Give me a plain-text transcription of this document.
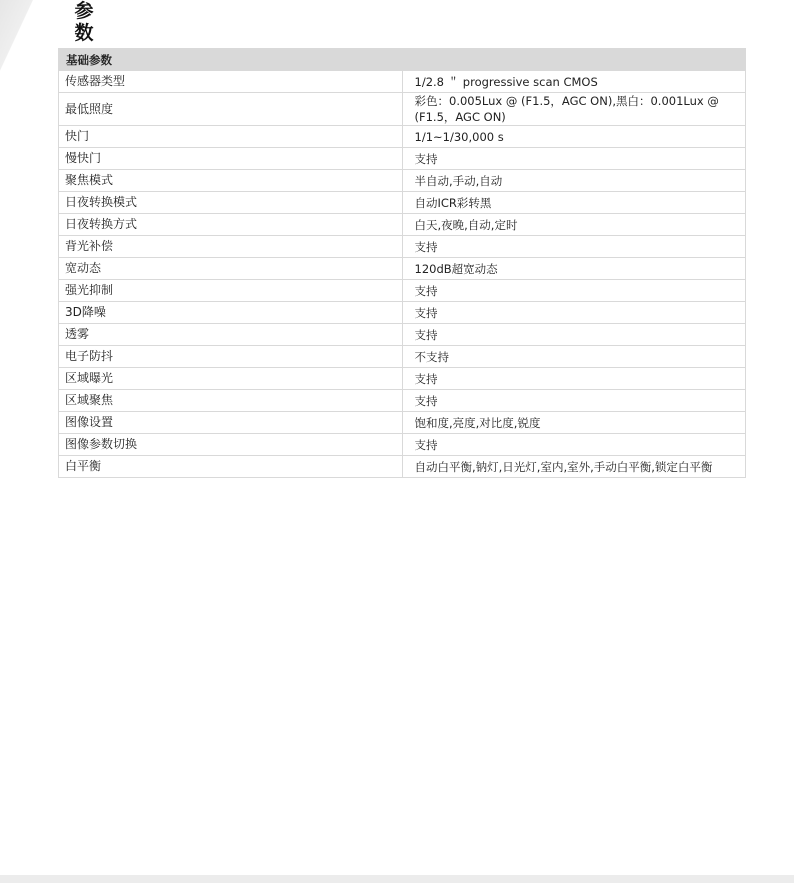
参数
基础参数	
传感器类型	1/2.8 ＂ progressive scan CMOS
最低照度	彩色：0.005Lux @ (F1.5，AGC ON),黑白：0.001Lux @ (F1.5，AGC ON)
快门	1/1~1/30,000 s
慢快门	支持
聚焦模式	半自动,手动,自动
日夜转换模式	自动ICR彩转黑
日夜转换方式	白天,夜晚,自动,定时
背光补偿	支持
宽动态	120dB超宽动态
强光抑制	支持
3D降噪	支持
透雾	支持
电子防抖	不支持
区域曝光	支持
区域聚焦	支持
图像设置	饱和度,亮度,对比度,锐度
图像参数切换	支持
白平衡	自动白平衡,钠灯,日光灯,室内,室外,手动白平衡,锁定白平衡
